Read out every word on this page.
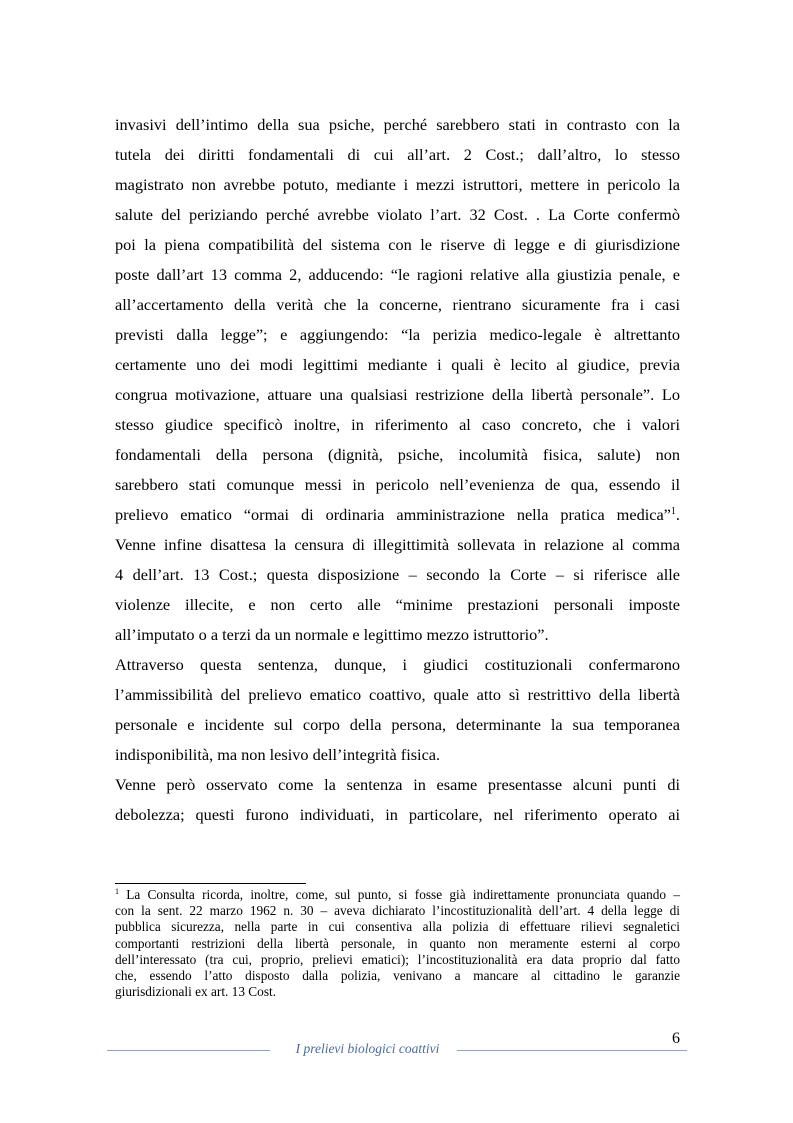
invasivi dell’intimo della sua psiche, perché sarebbero stati in contrasto con la
tutela dei diritti fondamentali di cui all’art. 2 Cost.; dall’altro, lo stesso
magistrato non avrebbe potuto, mediante i mezzi istruttori, mettere in pericolo la
salute del periziando perché avrebbe violato l’art. 32 Cost. . La Corte confermò
poi la piena compatibilità del sistema con le riserve di legge e di giurisdizione
poste dall’art 13 comma 2, adducendo: “le ragioni relative alla giustizia penale, e
all’accertamento della verità che la concerne, rientrano sicuramente fra i casi
previsti dalla legge”; e aggiungendo: “la perizia medico-legale è altrettanto
certamente uno dei modi legittimi mediante i quali è lecito al giudice, previa
congrua motivazione, attuare una qualsiasi restrizione della libertà personale”. Lo
stesso giudice specificò inoltre, in riferimento al caso concreto, che i valori
fondamentali della persona (dignità, psiche, incolumità fisica, salute) non
sarebbero stati comunque messi in pericolo nell’evenienza de qua, essendo il
prelievo ematico “ormai di ordinaria amministrazione nella pratica medica”$^1$.
Venne infine disattesa la censura di illegittimità sollevata in relazione al comma
4 dell’art. 13 Cost.; questa disposizione – secondo la Corte – si riferisce alle
violenze illecite, e non certo alle “minime prestazioni personali imposte
all’imputato o a terzi da un normale e legittimo mezzo istruttorio”.
Attraverso questa sentenza, dunque, i giudici costituzionali confermarono
l’ammissibilità del prelievo ematico coattivo, quale atto sì restrittivo della libertà
personale e incidente sul corpo della persona, determinante la sua temporanea
indisponibilità, ma non lesivo dell’integrità fisica.
Venne però osservato come la sentenza in esame presentasse alcuni punti di
debolezza; questi furono individuati, in particolare, nel riferimento operato ai
$^1$ La Consulta ricorda, inoltre, come, sul punto, si fosse già indirettamente pronunciata quando –
con la sent. 22 marzo 1962 n. 30 – aveva dichiarato l’incostituzionalità dell’art. 4 della legge di
pubblica sicurezza, nella parte in cui consentiva alla polizia di effettuare rilievi segnaletici
comportanti restrizioni della libertà personale, in quanto non meramente esterni al corpo
dell’interessato (tra cui, proprio, prelievi ematici); l’incostituzionalità era data proprio dal fatto
che, essendo l’atto disposto dalla polizia, venivano a mancare al cittadino le garanzie
giurisdizionali ex art. 13 Cost.
6
I prelievi biologici coattivi
